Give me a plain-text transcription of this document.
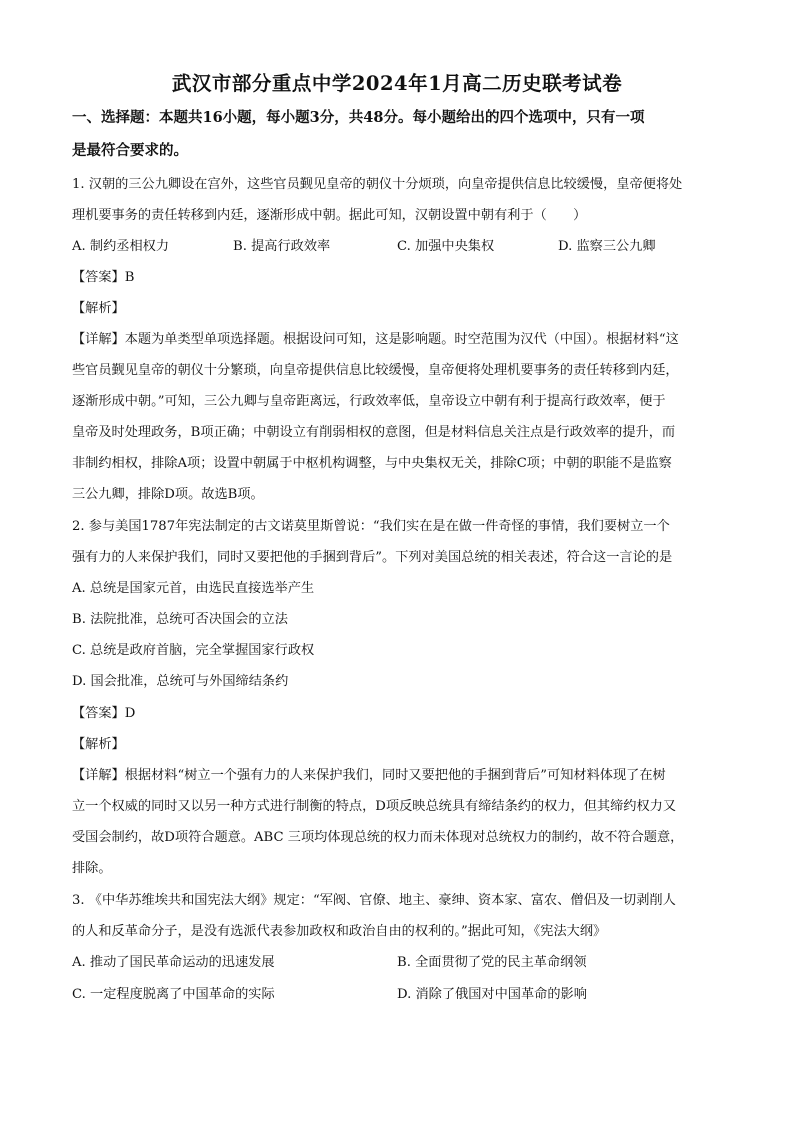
武汉市部分重点中学2024年1月高二历史联考试卷
一、选择题：本题共16小题，每小题3分，共48分。每小题给出的四个选项中，只有一项
是最符合要求的。
1. 汉朝的三公九卿设在宫外，这些官员觐见皇帝的朝仪十分烦琐，向皇帝提供信息比较缓慢，皇帝便将处
理机要事务的责任转移到内廷，逐渐形成中朝。据此可知，汉朝设置中朝有利于（　　）
A. 制约丞相权力	B. 提高行政效率	C. 加强中央集权	D. 监察三公九卿
【答案】B
【解析】
【详解】本题为单类型单项选择题。根据设问可知，这是影响题。时空范围为汉代（中国）。根据材料“这
些官员觐见皇帝的朝仪十分繁琐，向皇帝提供信息比较缓慢，皇帝便将处理机要事务的责任转移到内廷，
逐渐形成中朝。”可知，三公九卿与皇帝距离远，行政效率低，皇帝设立中朝有利于提高行政效率，便于
皇帝及时处理政务，B项正确；中朝设立有削弱相权的意图，但是材料信息关注点是行政效率的提升，而
非制约相权，排除A项；设置中朝属于中枢机构调整，与中央集权无关，排除C项；中朝的职能不是监察
三公九卿，排除D项。故选B项。
2. 参与美国1787年宪法制定的古文诺莫里斯曾说：“我们实在是在做一件奇怪的事情，我们要树立一个
强有力的人来保护我们，同时又要把他的手捆到背后”。下列对美国总统的相关表述，符合这一言论的是
A. 总统是国家元首，由选民直接选举产生
B. 法院批准，总统可否决国会的立法
C. 总统是政府首脑，完全掌握国家行政权
D. 国会批准，总统可与外国缔结条约
【答案】D
【解析】
【详解】根据材料“树立一个强有力的人来保护我们，同时又要把他的手捆到背后”可知材料体现了在树
立一个权威的同时又以另一种方式进行制衡的特点，D项反映总统具有缔结条约的权力，但其缔约权力又
受国会制约，故D项符合题意。ABC 三项均体现总统的权力而未体现对总统权力的制约，故不符合题意，
排除。
3. 《中华苏维埃共和国宪法大纲》规定：“军阀、官僚、地主、豪绅、资本家、富农、僧侣及一切剥削人
的人和反革命分子，是没有选派代表参加政权和政治自由的权利的。”据此可知，《宪法大纲》
A. 推动了国民革命运动的迅速发展	B. 全面贯彻了党的民主革命纲领
C. 一定程度脱离了中国革命的实际	D. 消除了俄国对中国革命的影响
